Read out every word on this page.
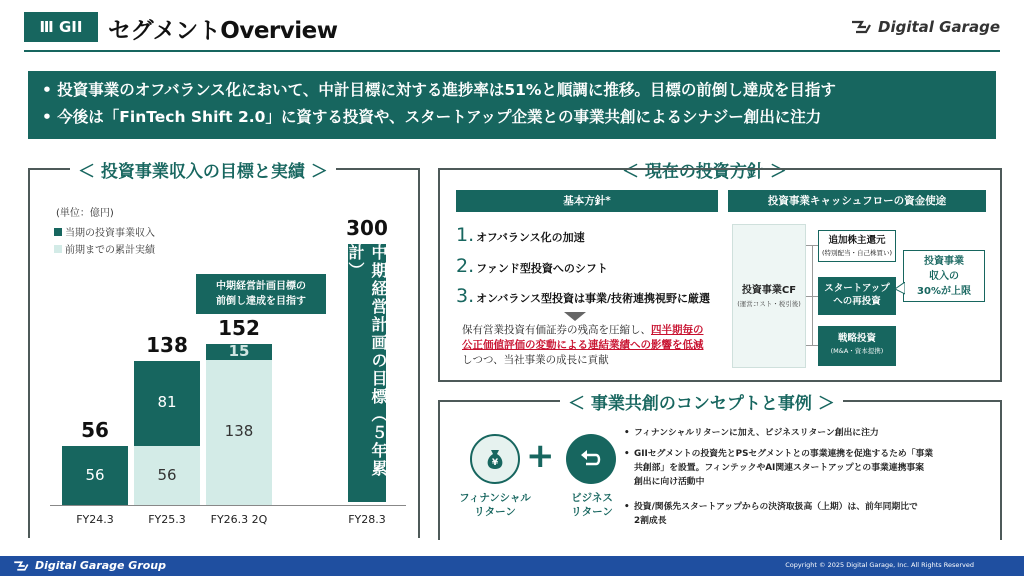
Ⅲ GII	セグメントOverview	Digital Garage
• 投資事業のオフバランス化において、中計目標に対する進捗率は51%と順調に推移。目標の前倒し達成を目指す
• 今後は「FinTech Shift 2.0」に資する投資や、スタートアップ企業との事業共創によるシナジー創出に注力
＜ 投資事業収入の目標と実績 ＞
(単位：億円)
当期の投資事業収入
前期までの累計実績
56
56
56
81
138
138
15
152
300
FY24.3	FY25.3	FY26.3 2Q	FY28.3
中期経営計画目標の
前倒し達成を目指す	中期経営計画の目標（５年累計）
＜ 現在の投資方針 ＞
基本方針*	投資事業キャッシュフローの資金使途
1. オフバランス化の加速
2. ファンド型投資へのシフト
3. オンバランス型投資は事業/技術連携視野に厳選
保有営業投資有価証券の残高を圧縮し、四半期毎の
公正価値評価の変動による連結業績への影響を低減
しつつ、当社事業の成長に貢献
投資事業CF
(運営コスト・税引後)
追加株主還元
(特別配当・自己株買い)
スタートアップ
への再投資
戦略投資
(M&A・資本提携)
投資事業
収入の
30%が上限
＜ 事業共創のコンセプトと事例 ＞
¥
フィナンシャル
リターン
+
ビジネス
リターン
• フィナンシャルリターンに加え、ビジネスリターン創出に注力
• GIIセグメントの投資先とPSセグメントとの事業連携を促進するため「事業
共創部」を設置。フィンテックやAI関連スタートアップとの事業連携事案
創出に向け活動中
• 投資/関係先スタートアップからの決済取扱高（上期）は、前年同期比で
2割成長
Digital Garage Group	Copyright © 2025 Digital Garage, Inc. All Rights Reserved
